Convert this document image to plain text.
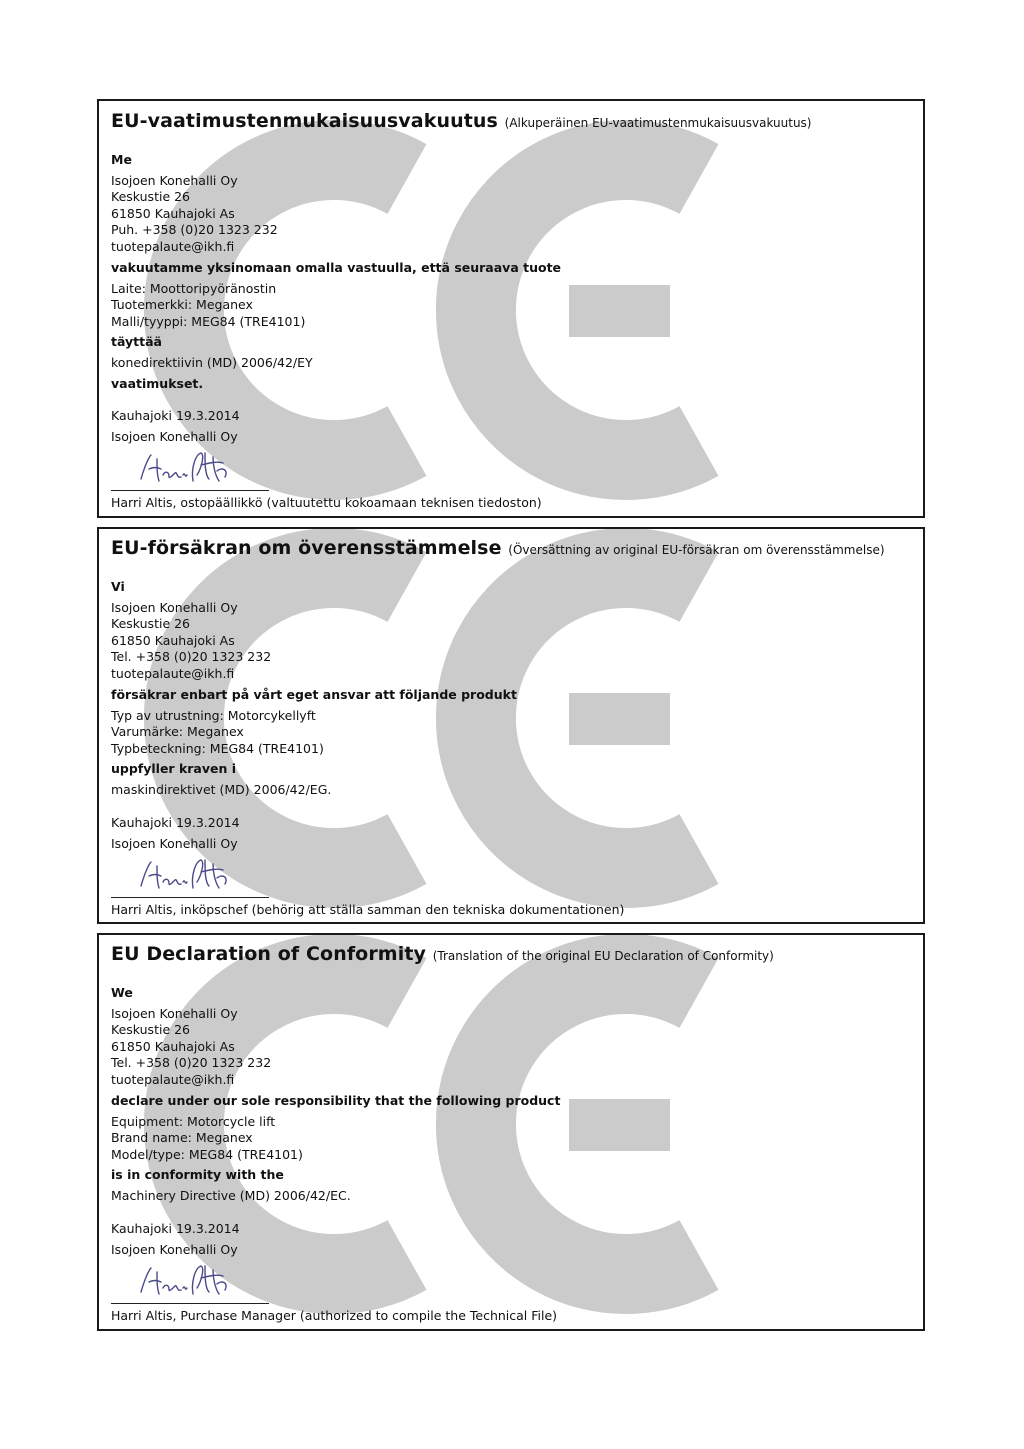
EU-vaatimustenmukaisuusvakuutus (Alkuperäinen EU-vaatimustenmukaisuusvakuutus)
Me
Isojoen Konehalli Oy
Keskustie 26
61850 Kauhajoki As
Puh. +358 (0)20 1323 232
tuotepalaute@ikh.fi
vakuutamme yksinomaan omalla vastuulla, että seuraava tuote
Laite: Moottoripyöränostin
Tuotemerkki: Meganex
Malli/tyyppi: MEG84 (TRE4101)
täyttää
konedirektiivin (MD) 2006/42/EY
vaatimukset.
Kauhajoki 19.3.2014
Isojoen Konehalli Oy
Harri Altis, ostopäällikkö (valtuutettu kokoamaan teknisen tiedoston)
EU-försäkran om överensstämmelse (Översättning av original EU-försäkran om överensstämmelse)
Vi
Isojoen Konehalli Oy
Keskustie 26
61850 Kauhajoki As
Tel. +358 (0)20 1323 232
tuotepalaute@ikh.fi
försäkrar enbart på vårt eget ansvar att följande produkt
Typ av utrustning: Motorcykellyft
Varumärke: Meganex
Typbeteckning: MEG84 (TRE4101)
uppfyller kraven i
maskindirektivet (MD) 2006/42/EG.
Kauhajoki 19.3.2014
Isojoen Konehalli Oy
Harri Altis, inköpschef (behörig att ställa samman den tekniska dokumentationen)
EU Declaration of Conformity (Translation of the original EU Declaration of Conformity)
We
Isojoen Konehalli Oy
Keskustie 26
61850 Kauhajoki As
Tel. +358 (0)20 1323 232
tuotepalaute@ikh.fi
declare under our sole responsibility that the following product
Equipment: Motorcycle lift
Brand name: Meganex
Model/type: MEG84 (TRE4101)
is in conformity with the
Machinery Directive (MD) 2006/42/EC.
Kauhajoki 19.3.2014
Isojoen Konehalli Oy
Harri Altis, Purchase Manager (authorized to compile the Technical File)
